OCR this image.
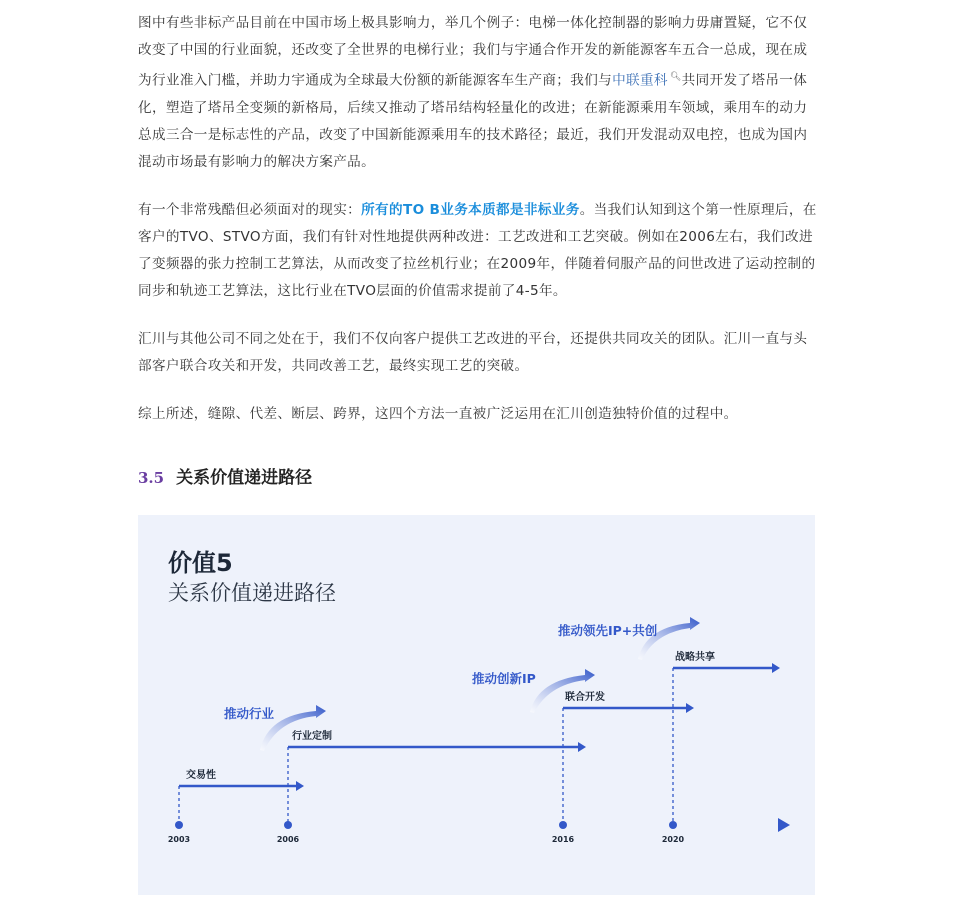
图中有些非标产品目前在中国市场上极具影响力，举几个例子：电梯一体化控制器的影响力毋庸置疑，它不仅改变了中国的行业面貌，还改变了全世界的电梯行业；我们与宇通合作开发的新能源客车五合一总成，现在成为行业准入门槛，并助力宇通成为全球最大份额的新能源客车生产商；我们与中联重科 🔍︎共同开发了塔吊一体化，塑造了塔吊全变频的新格局，后续又推动了塔吊结构轻量化的改进；在新能源乘用车领域，乘用车的动力总成三合一是标志性的产品，改变了中国新能源乘用车的技术路径；最近，我们开发混动双电控，也成为国内混动市场最有影响力的解决方案产品。

有一个非常残酷但必须面对的现实：所有的TO B业务本质都是非标业务。当我们认知到这个第一性原理后，在客户的TVO、STVO方面，我们有针对性地提供两种改进：工艺改进和工艺突破。例如在2006左右，我们改进了变频器的张力控制工艺算法，从而改变了拉丝机行业；在2009年，伴随着伺服产品的问世改进了运动控制的同步和轨迹工艺算法，这比行业在TVO层面的价值需求提前了4-5年。

汇川与其他公司不同之处在于，我们不仅向客户提供工艺改进的平台，还提供共同攻关的团队。汇川一直与头部客户联合攻关和开发，共同改善工艺，最终实现工艺的突破。

综上所述，缝隙、代差、断层、跨界，这四个方法一直被广泛运用在汇川创造独特价值的过程中。

3.5 关系价值递进路径
价值5
关系价值递进路径
交易性
行业定制
联合开发
战略共享
推动行业
推动创新IP
推动领先IP+共创
2003	2006	2016	2020
